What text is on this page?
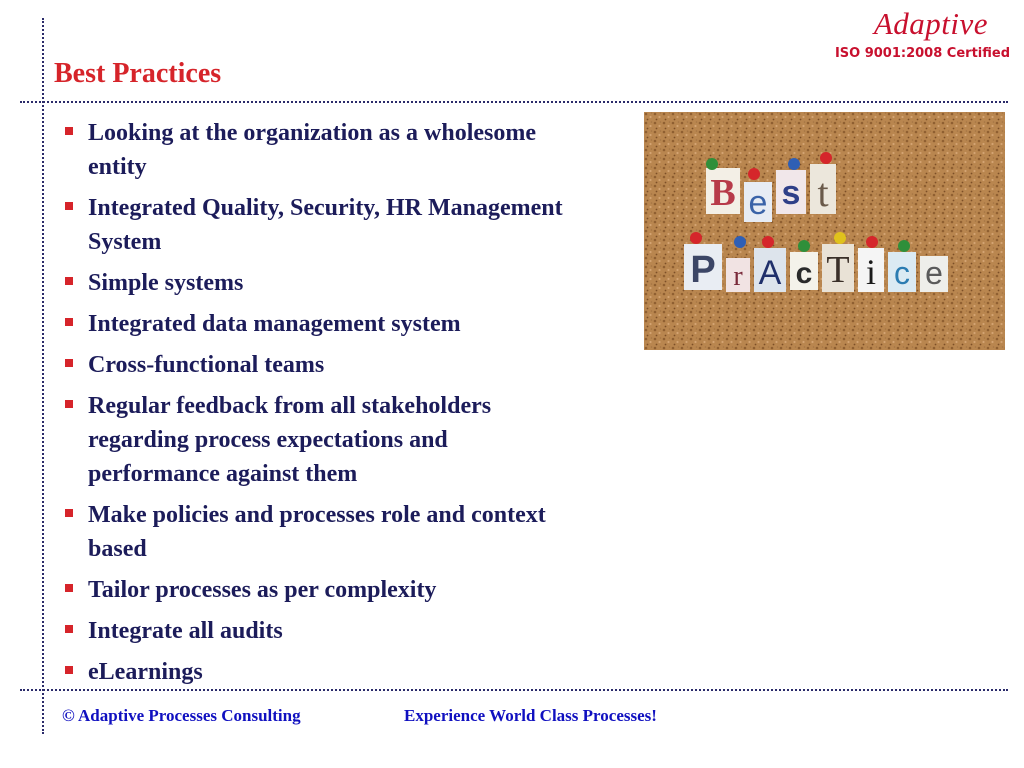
Adaptive
ISO 9001:2008 Certified
Best Practices
Looking at the organization as a wholesome entity
Integrated Quality, Security, HR Management System
Simple systems
Integrated data management system
Cross-functional teams
Regular feedback from all stakeholders regarding process expectations and performance against them
Make policies and processes role and context based
Tailor processes as per complexity
Integrate all audits
eLearnings
B e s t
P r A c T i c e
© Adaptive Processes Consulting	Experience World Class Processes!
